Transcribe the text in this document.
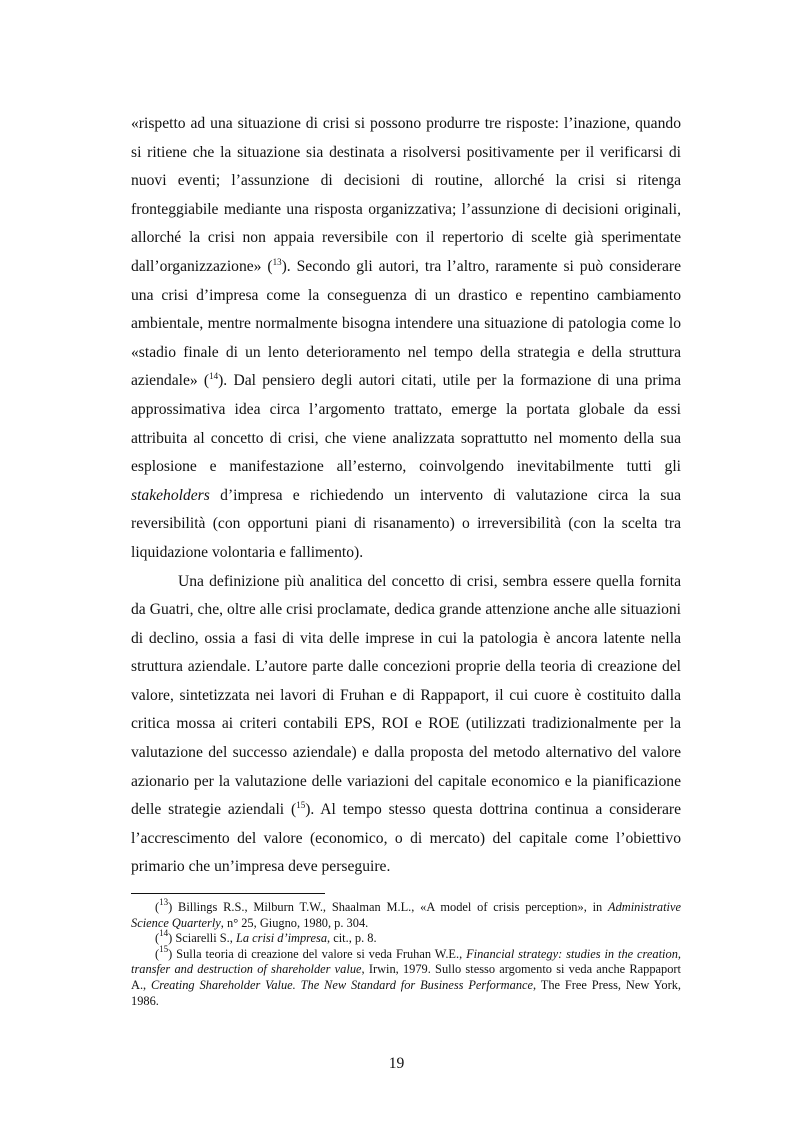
«rispetto ad una situazione di crisi si possono produrre tre risposte: l’inazione, quando si ritiene che la situazione sia destinata a risolversi positivamente per il verificarsi di nuovi eventi; l’assunzione di decisioni di routine, allorché la crisi si ritenga fronteggiabile mediante una risposta organizzativa; l’assunzione di decisioni originali, allorché la crisi non appaia reversibile con il repertorio di scelte già sperimentate dall’organizzazione» ($^{13}$). Secondo gli autori, tra l’altro, raramente si può considerare una crisi d’impresa come la conseguenza di un drastico e repentino cambiamento ambientale, mentre normalmente bisogna intendere una situazione di patologia come lo «stadio finale di un lento deterioramento nel tempo della strategia e della struttura aziendale» ($^{14}$). Dal pensiero degli autori citati, utile per la formazione di una prima approssimativa idea circa l’argomento trattato, emerge la portata globale da essi attribuita al concetto di crisi, che viene analizzata soprattutto nel momento della sua esplosione e manifestazione all’esterno, coinvolgendo inevitabilmente tutti gli stakeholders d’impresa e richiedendo un intervento di valutazione circa la sua reversibilità (con opportuni piani di risanamento) o irreversibilità (con la scelta tra liquidazione volontaria e fallimento).

Una definizione più analitica del concetto di crisi, sembra essere quella fornita da Guatri, che, oltre alle crisi proclamate, dedica grande attenzione anche alle situazioni di declino, ossia a fasi di vita delle imprese in cui la patologia è ancora latente nella struttura aziendale. L’autore parte dalle concezioni proprie della teoria di creazione del valore, sintetizzata nei lavori di Fruhan e di Rappaport, il cui cuore è costituito dalla critica mossa ai criteri contabili EPS, ROI e ROE (utilizzati tradizionalmente per la valutazione del successo aziendale) e dalla proposta del metodo alternativo del valore azionario per la valutazione delle variazioni del capitale economico e la pianificazione delle strategie aziendali ($^{15}$). Al tempo stesso questa dottrina continua a considerare l’accrescimento del valore (economico, o di mercato) del capitale come l’obiettivo primario che un’impresa deve perseguire.

($^{13}$) Billings R.S., Milburn T.W., Shaalman M.L., «A model of crisis perception», in Administrative Science Quarterly, n° 25, Giugno, 1980, p. 304.

($^{14}$) Sciarelli S., La crisi d’impresa, cit., p. 8.

($^{15}$) Sulla teoria di creazione del valore si veda Fruhan W.E., Financial strategy: studies in the creation, transfer and destruction of shareholder value, Irwin, 1979. Sullo stesso argomento si veda anche Rappaport A., Creating Shareholder Value. The New Standard for Business Performance, The Free Press, New York, 1986.

19
